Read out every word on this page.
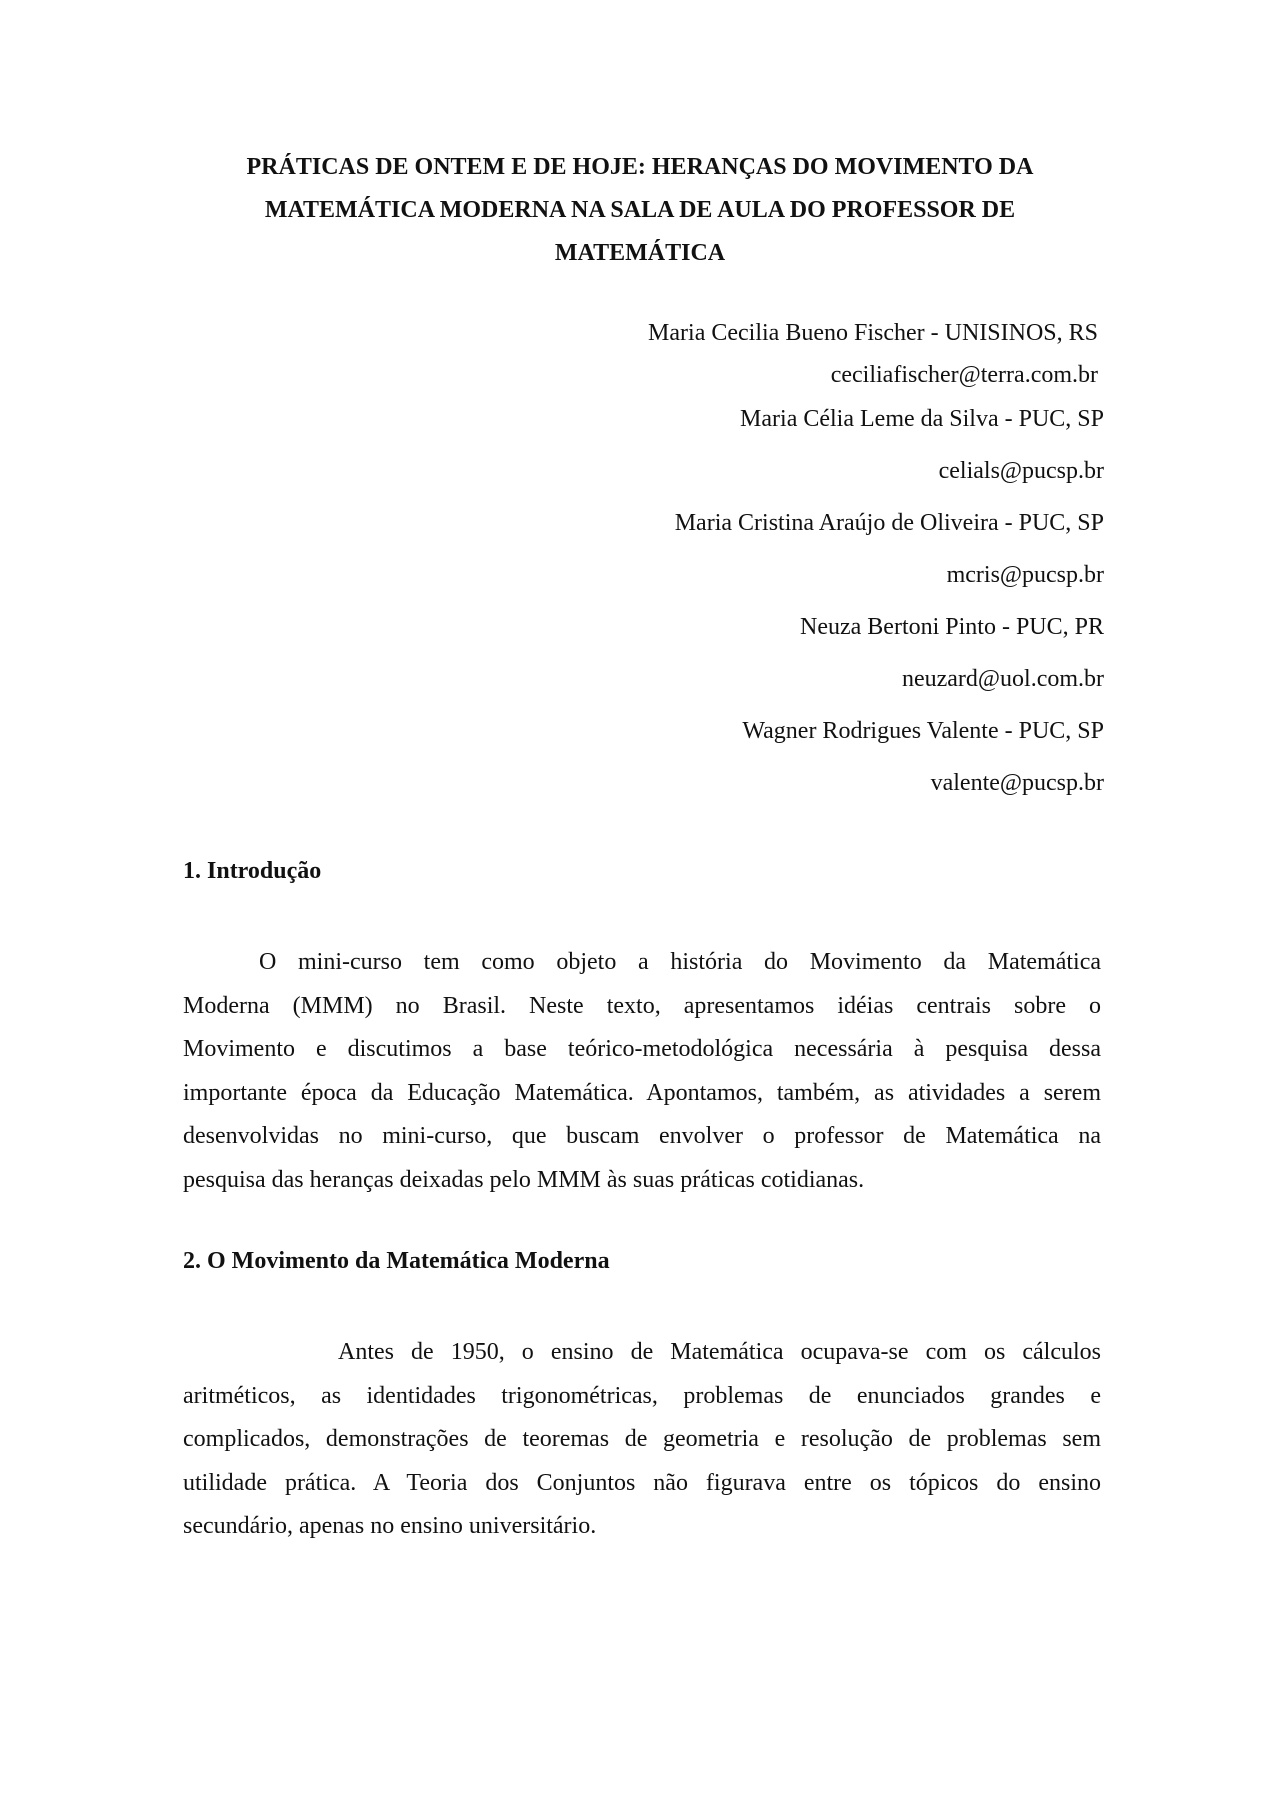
PRÁTICAS DE ONTEM E DE HOJE: HERANÇAS DO MOVIMENTO DA
MATEMÁTICA MODERNA NA SALA DE AULA DO PROFESSOR DE
MATEMÁTICA
Maria Cecilia Bueno Fischer - UNISINOS, RS
ceciliafischer@terra.com.br
Maria Célia Leme da Silva - PUC, SP
celials@pucsp.br
Maria Cristina Araújo de Oliveira - PUC, SP
mcris@pucsp.br
Neuza Bertoni Pinto - PUC, PR
neuzard@uol.com.br
Wagner Rodrigues Valente - PUC, SP
valente@pucsp.br
1. Introdução
O mini-curso tem como objeto a história do Movimento da Matemática
Moderna (MMM) no Brasil. Neste texto, apresentamos idéias centrais sobre o
Movimento e discutimos a base teórico-metodológica necessária à pesquisa dessa
importante época da Educação Matemática. Apontamos, também, as atividades a serem
desenvolvidas no mini-curso, que buscam envolver o professor de Matemática na
pesquisa das heranças deixadas pelo MMM às suas práticas cotidianas.
2. O Movimento da Matemática Moderna
Antes de 1950, o ensino de Matemática ocupava-se com os cálculos
aritméticos, as identidades trigonométricas, problemas de enunciados grandes e
complicados, demonstrações de teoremas de geometria e resolução de problemas sem
utilidade prática. A Teoria dos Conjuntos não figurava entre os tópicos do ensino
secundário, apenas no ensino universitário.
